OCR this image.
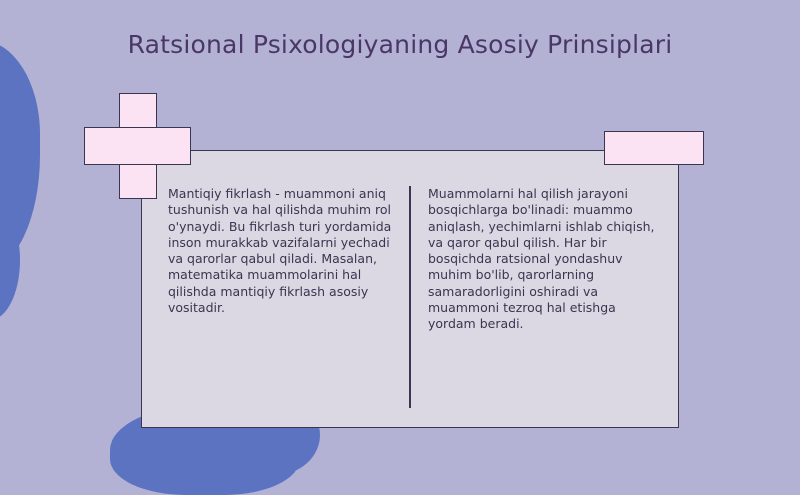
Ratsional Psixologiyaning Asosiy Prinsiplari
Mantiqiy fikrlash - muammoni aniq tushunish va hal qilishda muhim rol o'ynaydi. Bu fikrlash turi yordamida inson murakkab vazifalarni yechadi va qarorlar qabul qiladi. Masalan, matematika muammolarini hal qilishda mantiqiy fikrlash asosiy vositadir.
Muammolarni hal qilish jarayoni bosqichlarga bo'linadi: muammo aniqlash, yechimlarni ishlab chiqish, va qaror qabul qilish. Har bir bosqichda ratsional yondashuv muhim bo'lib, qarorlarning samaradorligini oshiradi va muammoni tezroq hal etishga yordam beradi.
